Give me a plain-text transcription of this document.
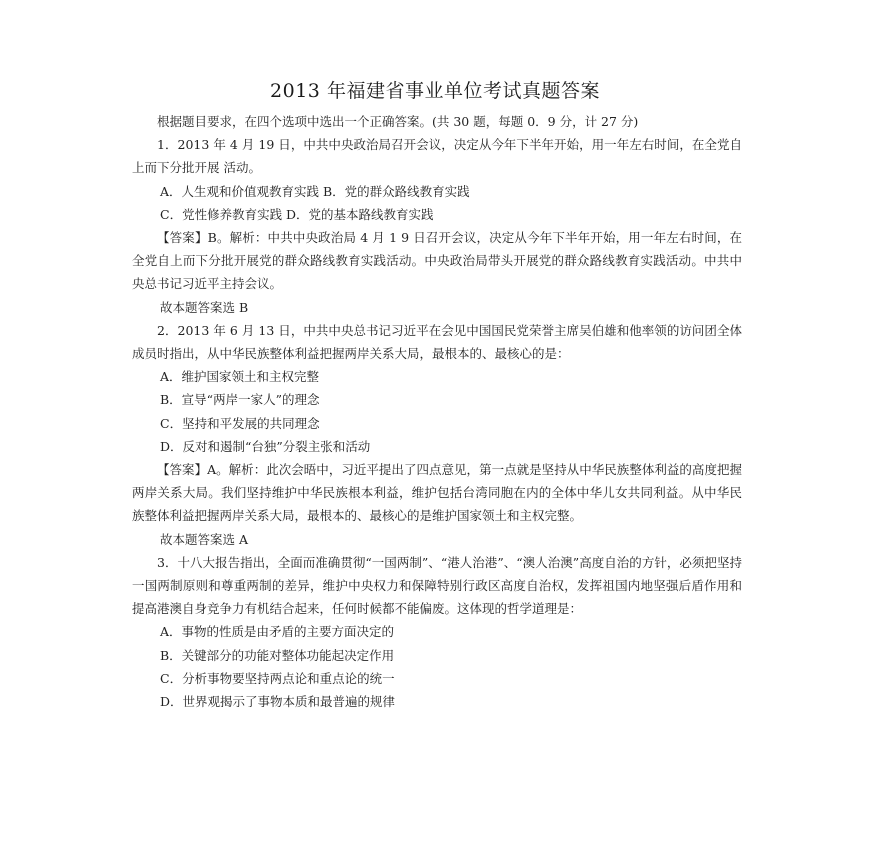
2013 年福建省事业单位考试真题答案

根据题目要求，在四个选项中选出一个正确答案。(共 30 题，每题 0．9 分，计 27 分)

1．2013 年 4 月 19 日，中共中央政治局召开会议，决定从今年下半年开始，用一年左右时间，在全党自上而下分批开展 活动。

A．人生观和价值观教育实践 B．党的群众路线教育实践

C．党性修养教育实践 D．党的基本路线教育实践

【答案】B。解析：中共中央政治局 4 月 1 9 日召开会议，决定从今年下半年开始，用一年左右时间，在全党自上而下分批开展党的群众路线教育实践活动。中央政治局带头开展党的群众路线教育实践活动。中共中央总书记习近平主持会议。

故本题答案选 B

2．2013 年 6 月 13 日，中共中央总书记习近平在会见中国国民党荣誉主席吴伯雄和他率领的访问团全体成员时指出，从中华民族整体利益把握两岸关系大局，最根本的、最核心的是：

A．维护国家领土和主权完整

B．宣导“两岸一家人”的理念

C．坚持和平发展的共同理念

D．反对和遏制“台独”分裂主张和活动

【答案】A。解析：此次会晤中，习近平提出了四点意见，第一点就是坚持从中华民族整体利益的高度把握两岸关系大局。我们坚持维护中华民族根本利益，维护包括台湾同胞在内的全体中华儿女共同利益。从中华民族整体利益把握两岸关系大局，最根本的、最核心的是维护国家领土和主权完整。

故本题答案选 A

3．十八大报告指出，全面而准确贯彻“一国两制”、“港人治港”、“澳人治澳”高度自治的方针，必须把坚持一国两制原则和尊重两制的差异，维护中央权力和保障特别行政区高度自治权，发挥祖国内地坚强后盾作用和提高港澳自身竞争力有机结合起来，任何时候都不能偏废。这体现的哲学道理是：

A．事物的性质是由矛盾的主要方面决定的

B．关键部分的功能对整体功能起决定作用

C．分析事物要坚持两点论和重点论的统一

D．世界观揭示了事物本质和最普遍的规律
